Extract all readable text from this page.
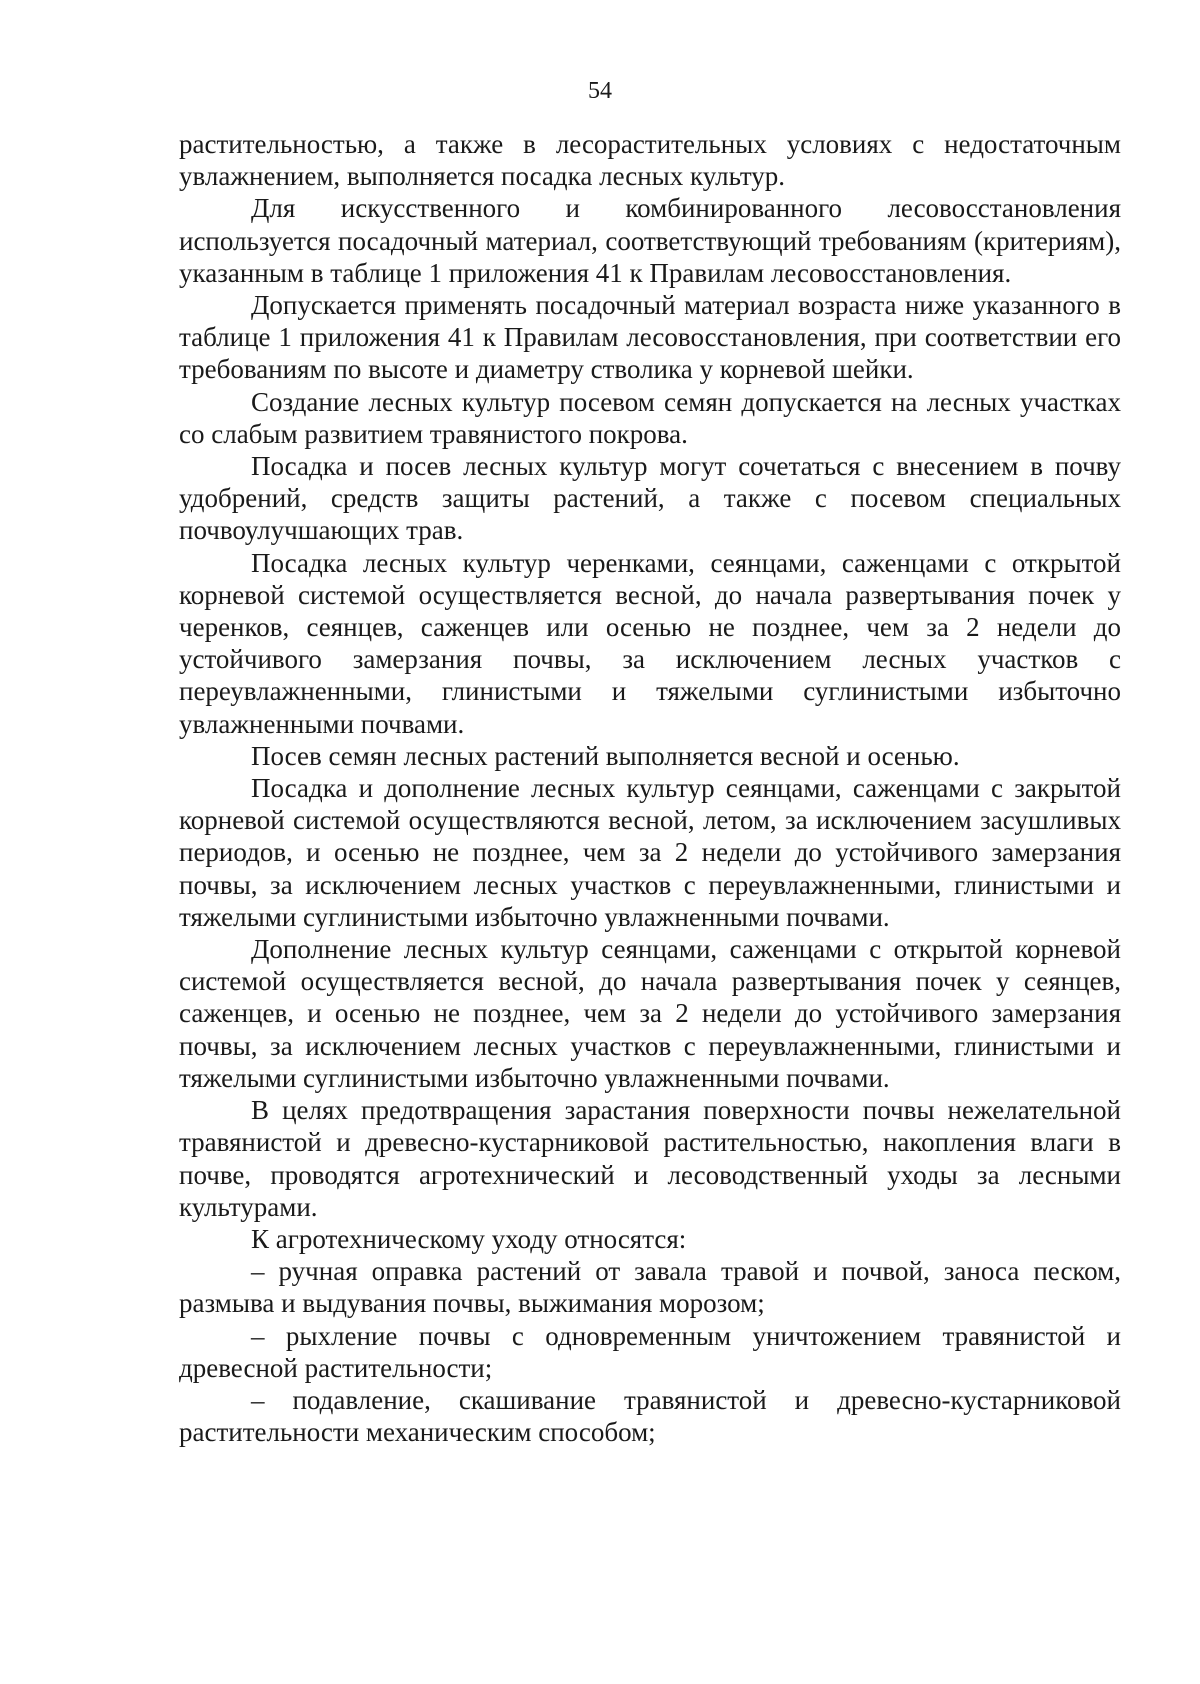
54

растительностью, а также в лесорастительных условиях с недостаточным увлажнением, выполняется посадка лесных культур.

Для искусственного и комбинированного лесовосстановления используется посадочный материал, соответствующий требованиям (критериям), указанным в таблице 1 приложения 41 к Правилам лесовосстановления.

Допускается применять посадочный материал возраста ниже указанного в таблице 1 приложения 41 к Правилам лесовосстановления, при соответствии его требованиям по высоте и диаметру стволика у корневой шейки.

Создание лесных культур посевом семян допускается на лесных участках со слабым развитием травянистого покрова.

Посадка и посев лесных культур могут сочетаться с внесением в почву удобрений, средств защиты растений, а также с посевом специальных почвоулучшающих трав.

Посадка лесных культур черенками, сеянцами, саженцами с открытой корневой системой осуществляется весной, до начала развертывания почек у черенков, сеянцев, саженцев или осенью не позднее, чем за 2 недели до устойчивого замерзания почвы, за исключением лесных участков с переувлажненными, глинистыми и тяжелыми суглинистыми избыточно увлажненными почвами.

Посев семян лесных растений выполняется весной и осенью.

Посадка и дополнение лесных культур сеянцами, саженцами с закрытой корневой системой осуществляются весной, летом, за исключением засушливых периодов, и осенью не позднее, чем за 2 недели до устойчивого замерзания почвы, за исключением лесных участков с переувлажненными, глинистыми и тяжелыми суглинистыми избыточно увлажненными почвами.

Дополнение лесных культур сеянцами, саженцами с открытой корневой системой осуществляется весной, до начала развертывания почек у сеянцев, саженцев, и осенью не позднее, чем за 2 недели до устойчивого замерзания почвы, за исключением лесных участков с переувлажненными, глинистыми и тяжелыми суглинистыми избыточно увлажненными почвами.

В целях предотвращения зарастания поверхности почвы нежелательной травянистой и древесно-кустарниковой растительностью, накопления влаги в почве, проводятся агротехнический и лесоводственный уходы за лесными культурами.

К агротехническому уходу относятся:

– ручная оправка растений от завала травой и почвой, заноса песком, размыва и выдувания почвы, выжимания морозом;

– рыхление почвы с одновременным уничтожением травянистой и древесной растительности;

– подавление, скашивание травянистой и древесно-кустарниковой растительности механическим способом;
